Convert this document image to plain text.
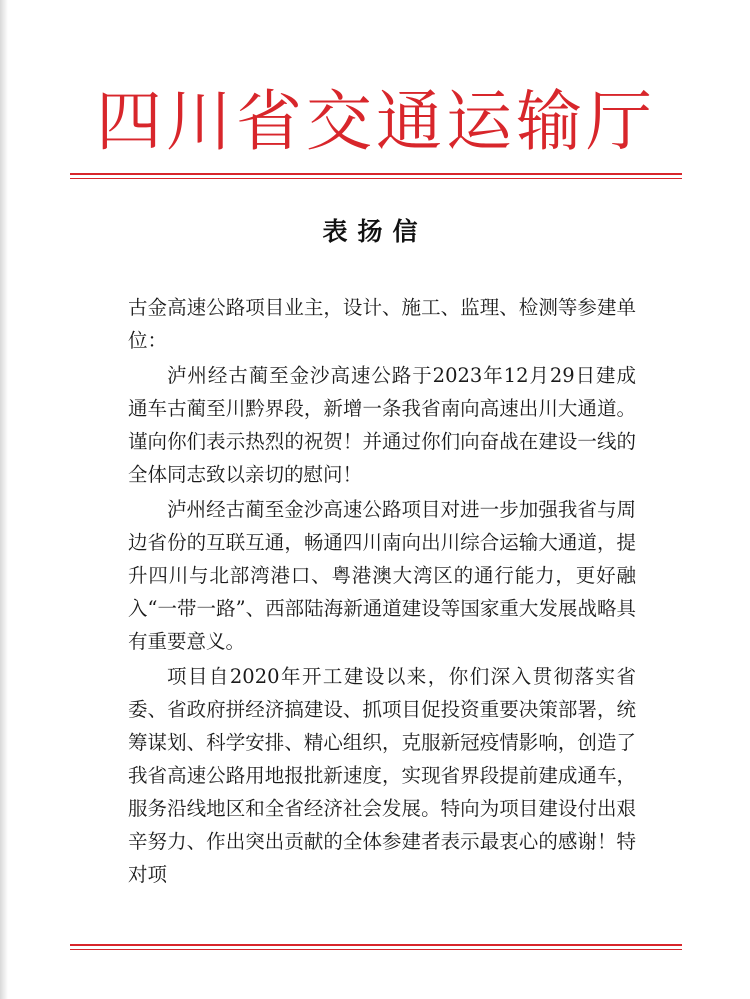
四川省交通运输厅
表扬信

古金高速公路项目业主，设计、施工、监理、检测等参建单位：

泸州经古蔺至金沙高速公路于2023年12月29日建成通车古蔺至川黔界段，新增一条我省南向高速出川大通道。谨向你们表示热烈的祝贺！并通过你们向奋战在建设一线的全体同志致以亲切的慰问！

泸州经古蔺至金沙高速公路项目对进一步加强我省与周边省份的互联互通，畅通四川南向出川综合运输大通道，提升四川与北部湾港口、粤港澳大湾区的通行能力，更好融入“一带一路”、西部陆海新通道建设等国家重大发展战略具有重要意义。

项目自2020年开工建设以来，你们深入贯彻落实省委、省政府拼经济搞建设、抓项目促投资重要决策部署，统筹谋划、科学安排、精心组织，克服新冠疫情影响，创造了我省高速公路用地报批新速度，实现省界段提前建成通车，服务沿线地区和全省经济社会发展。特向为项目建设付出艰辛努力、作出突出贡献的全体参建者表示最衷心的感谢！特对项
